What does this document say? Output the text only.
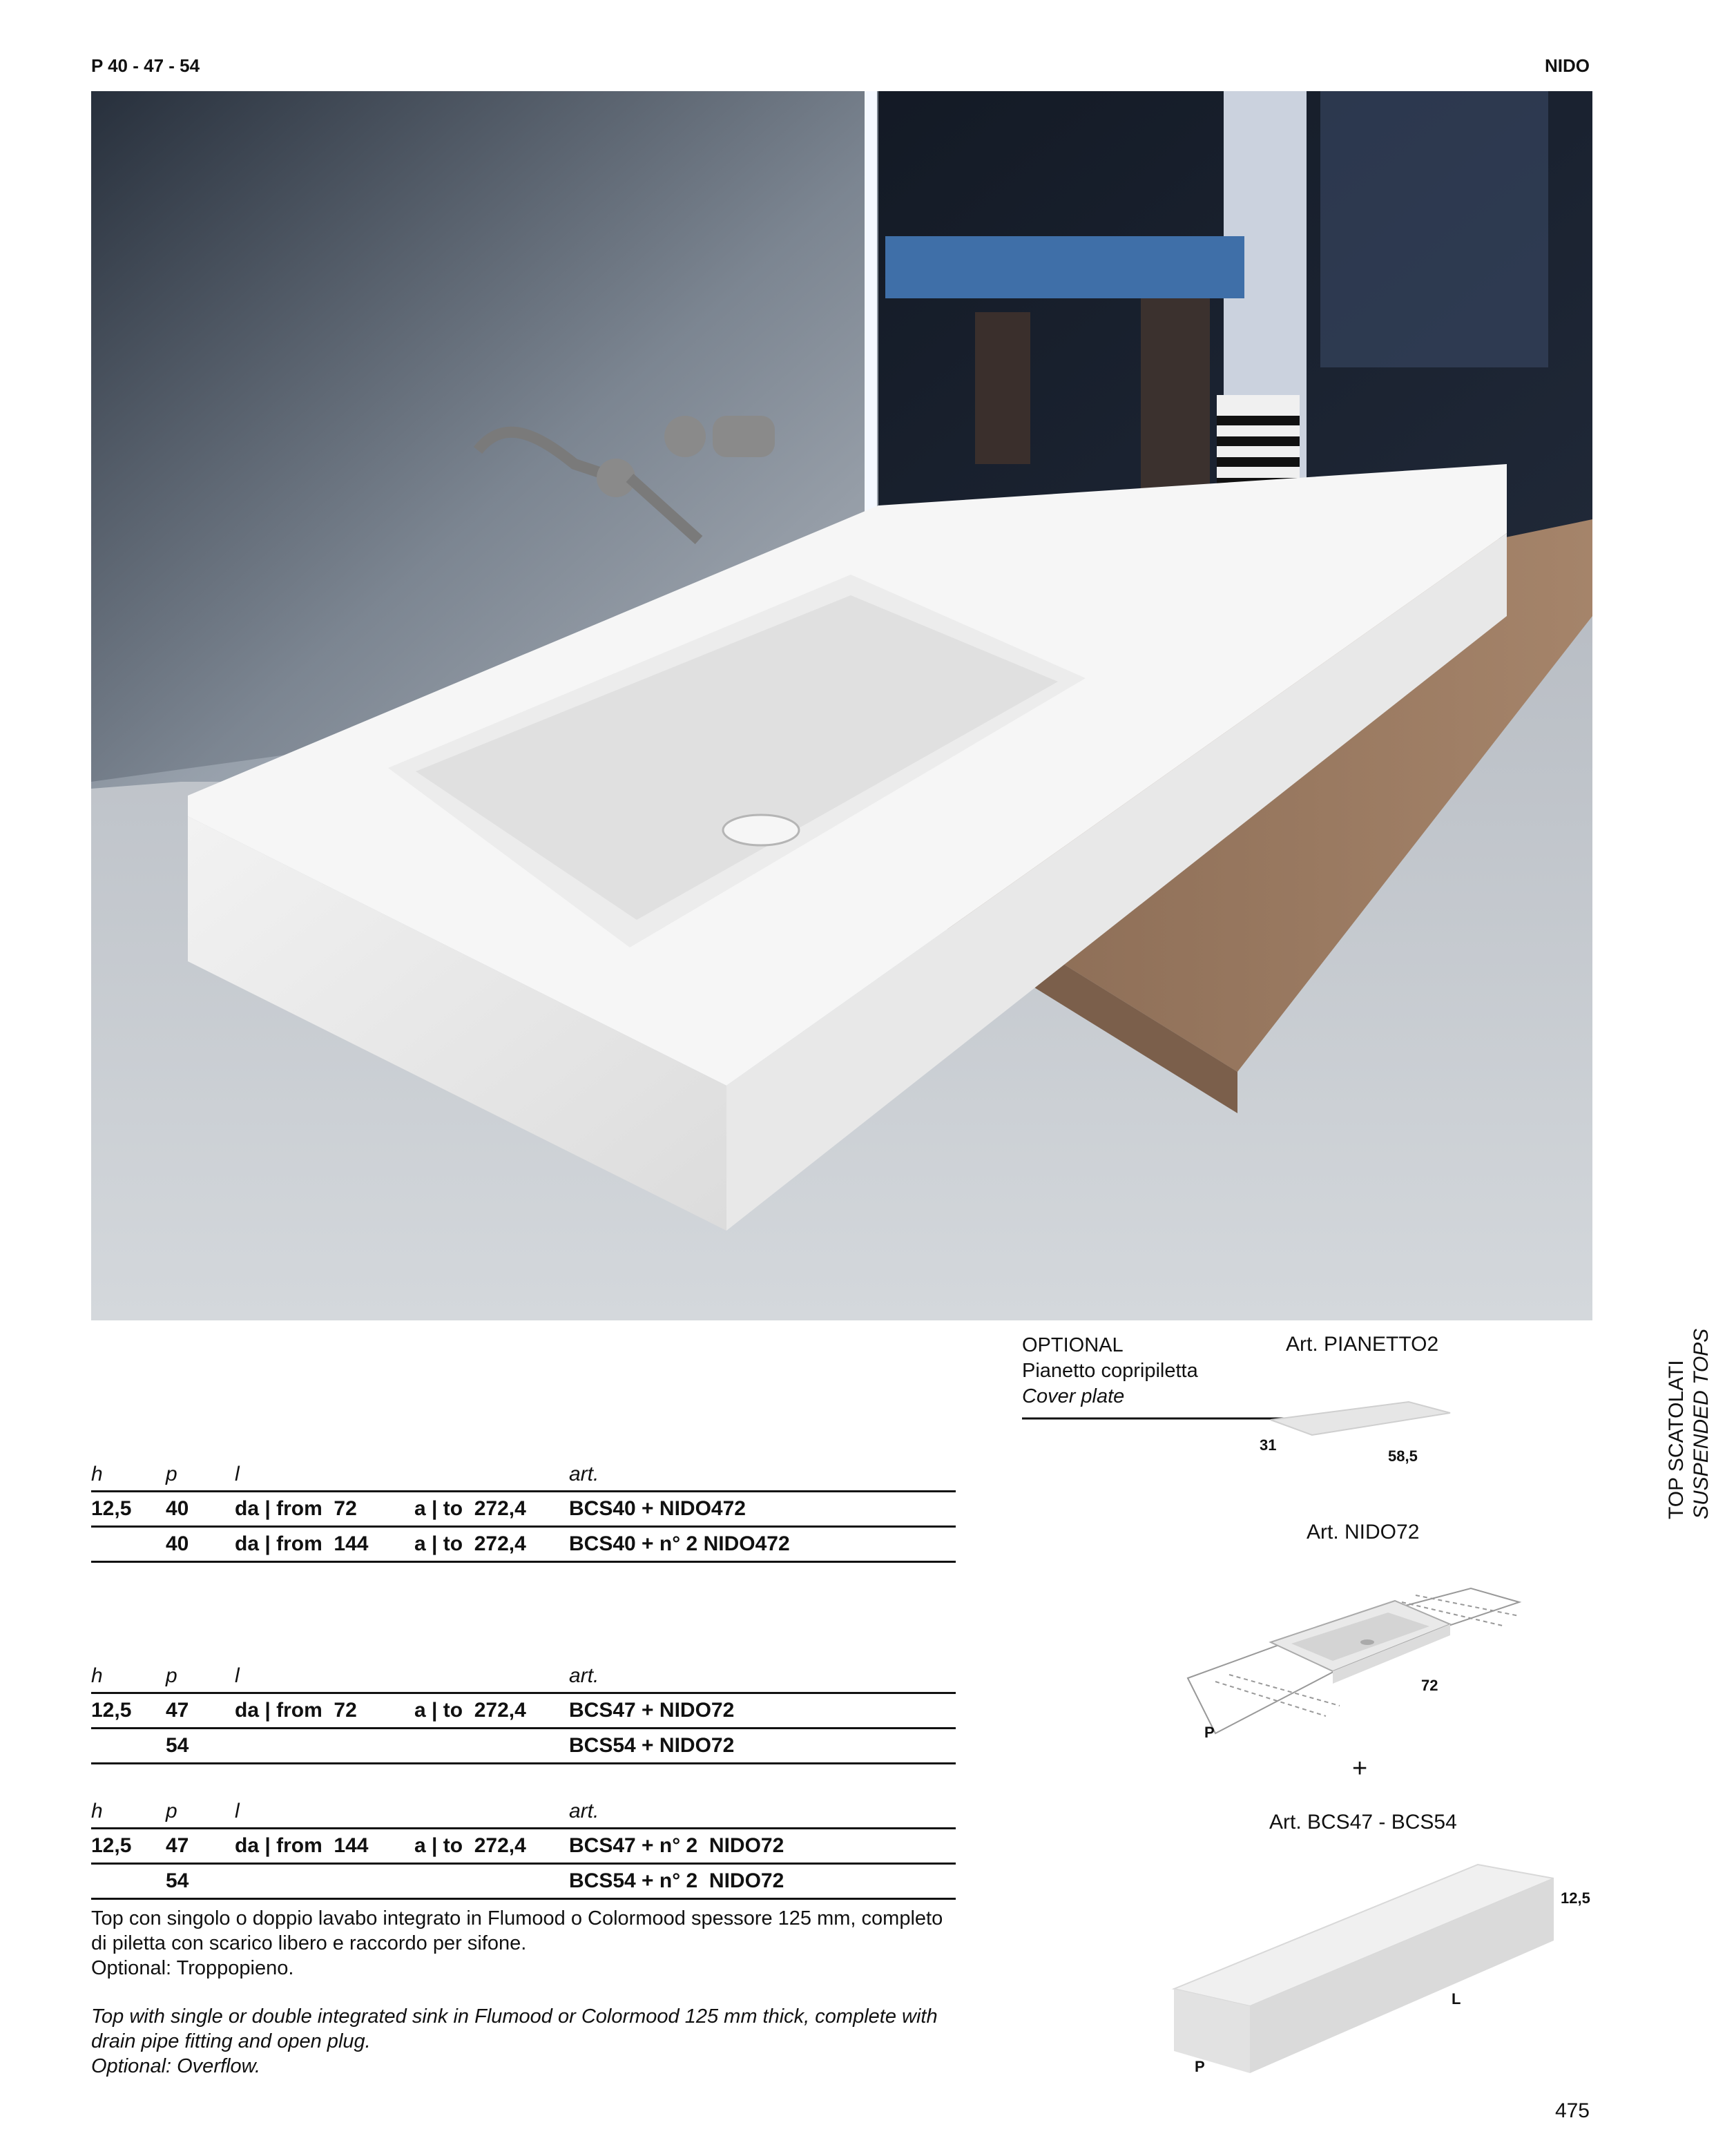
P 40 - 47 - 54	NIDO
TOP SCATOLATI SUSPENDED TOPS
OPTIONAL
Pianetto copripiletta
Cover plate
Art. PIANETTO2
31
58,5
Art. NIDO72
72
P
+
Art. BCS47 - BCS54
12,5
L
P
h	p	l		art.
12,5	40	da | from  72	a | to  272,4	BCS40 + NIDO472
	40	da | from  144	a | to  272,4	BCS40 + n° 2 NIDO472
h	p	l		art.
12,5	47	da | from  72	a | to  272,4	BCS47 + NIDO72
	54			BCS54 + NIDO72
h	p	l		art.
12,5	47	da | from  144	a | to  272,4	BCS47 + n° 2  NIDO72
	54			BCS54 + n° 2  NIDO72
Top con singolo o doppio lavabo integrato in Flumood o Colormood spessore 125 mm, completo
di piletta con scarico libero e raccordo per sifone.
Optional: Troppopieno.
Top with single or double integrated sink in Flumood or Colormood 125 mm thick, complete with
drain pipe fitting and open plug.
Optional: Overflow.
475
